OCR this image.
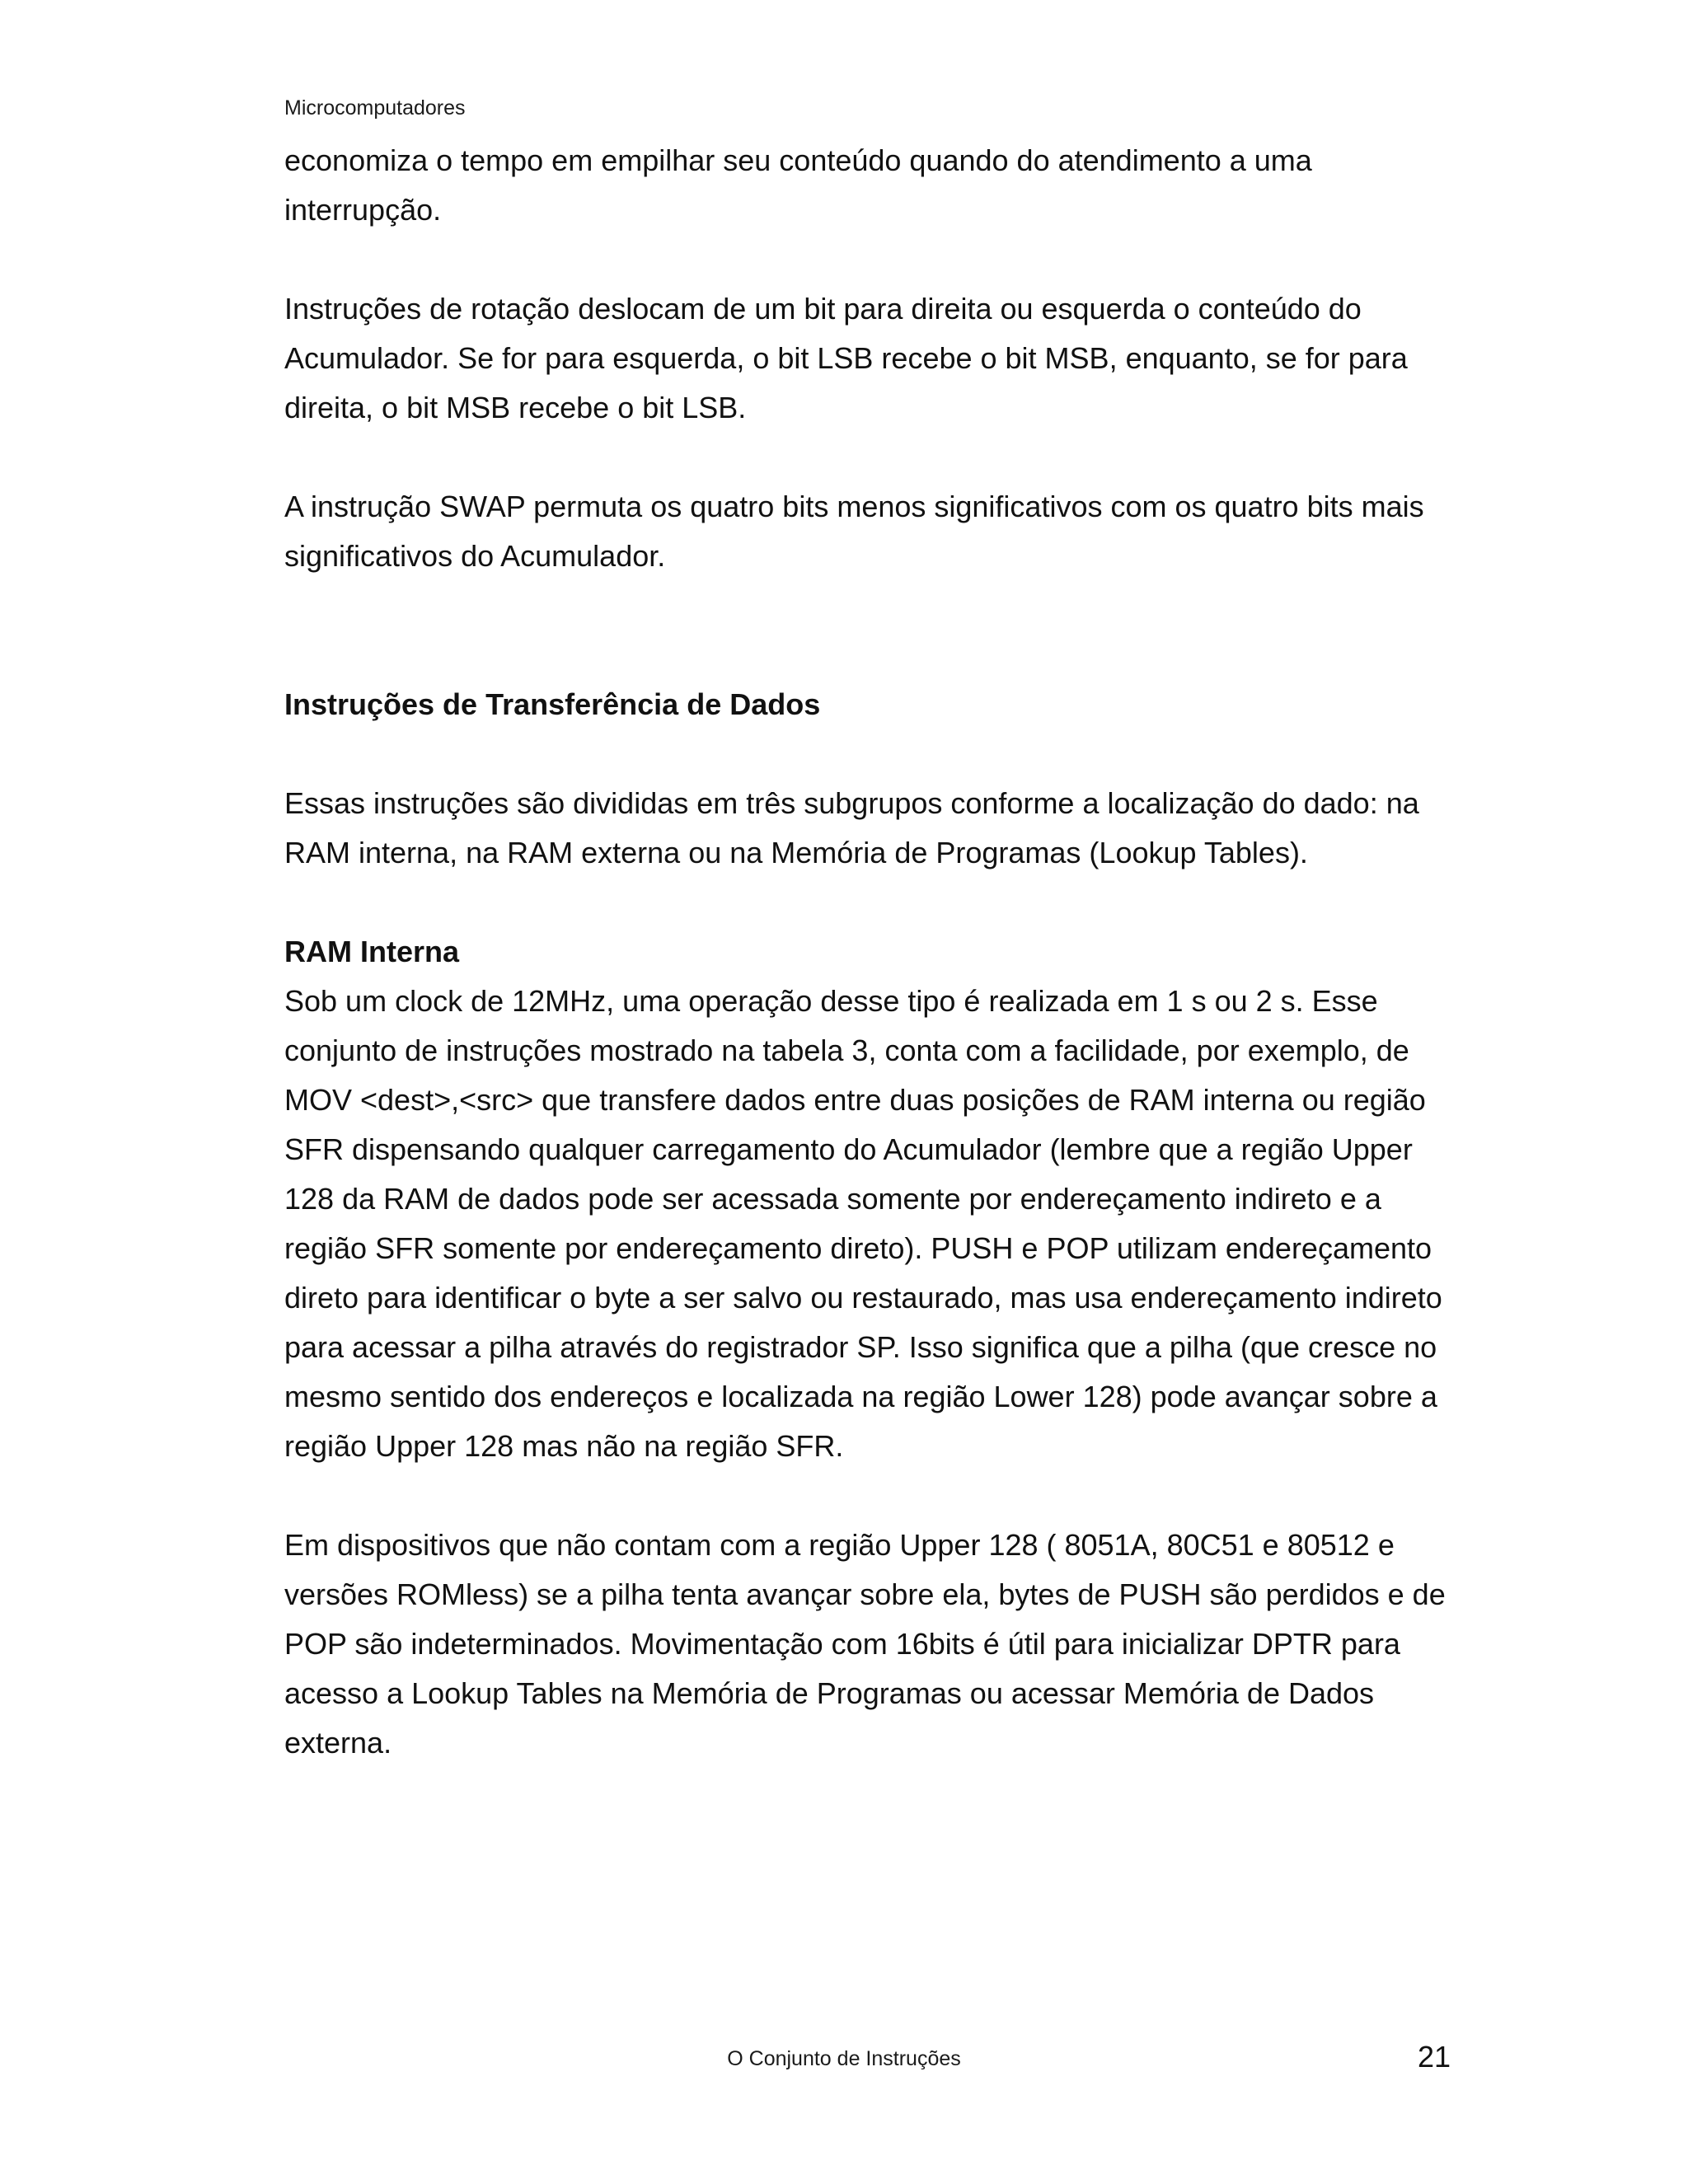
Microcomputadores

economiza o tempo em empilhar seu conteúdo quando do atendimento a uma interrupção.

Instruções de rotação deslocam de um bit para direita ou esquerda o conteúdo do Acumulador. Se for para esquerda, o bit LSB recebe o bit MSB, enquanto, se for para direita, o bit MSB recebe o bit LSB.

A instrução SWAP permuta os quatro bits menos significativos com os quatro bits mais significativos do Acumulador.

Instruções de Transferência de Dados

Essas instruções são divididas em três subgrupos conforme a localização do dado: na RAM interna, na RAM externa ou na Memória de Programas (Lookup Tables).

RAM Interna

Sob um clock de 12MHz, uma operação desse tipo é realizada em 1 s ou 2 s. Esse conjunto de instruções mostrado na tabela 3, conta com a facilidade, por exemplo, de MOV <dest>,<src> que transfere dados entre duas posições de RAM interna ou região SFR dispensando qualquer carregamento do Acumulador (lembre que a região Upper 128 da RAM de dados pode ser acessada somente por endereçamento indireto e a região SFR somente por endereçamento direto). PUSH e POP utilizam endereçamento direto para identificar o byte a ser salvo ou restaurado, mas usa endereçamento indireto para acessar a pilha através do registrador SP. Isso significa que a pilha (que cresce no mesmo sentido dos endereços e localizada na região Lower 128) pode avançar sobre a região Upper 128 mas não na região SFR.

Em dispositivos que não contam com a região Upper 128 ( 8051A, 80C51 e 80512 e versões ROMless) se a pilha tenta avançar sobre ela, bytes de PUSH são perdidos e de POP são indeterminados. Movimentação com 16bits é útil para inicializar DPTR para acesso a Lookup Tables na Memória de Programas ou acessar Memória de Dados externa.

O Conjunto de Instruções	21
